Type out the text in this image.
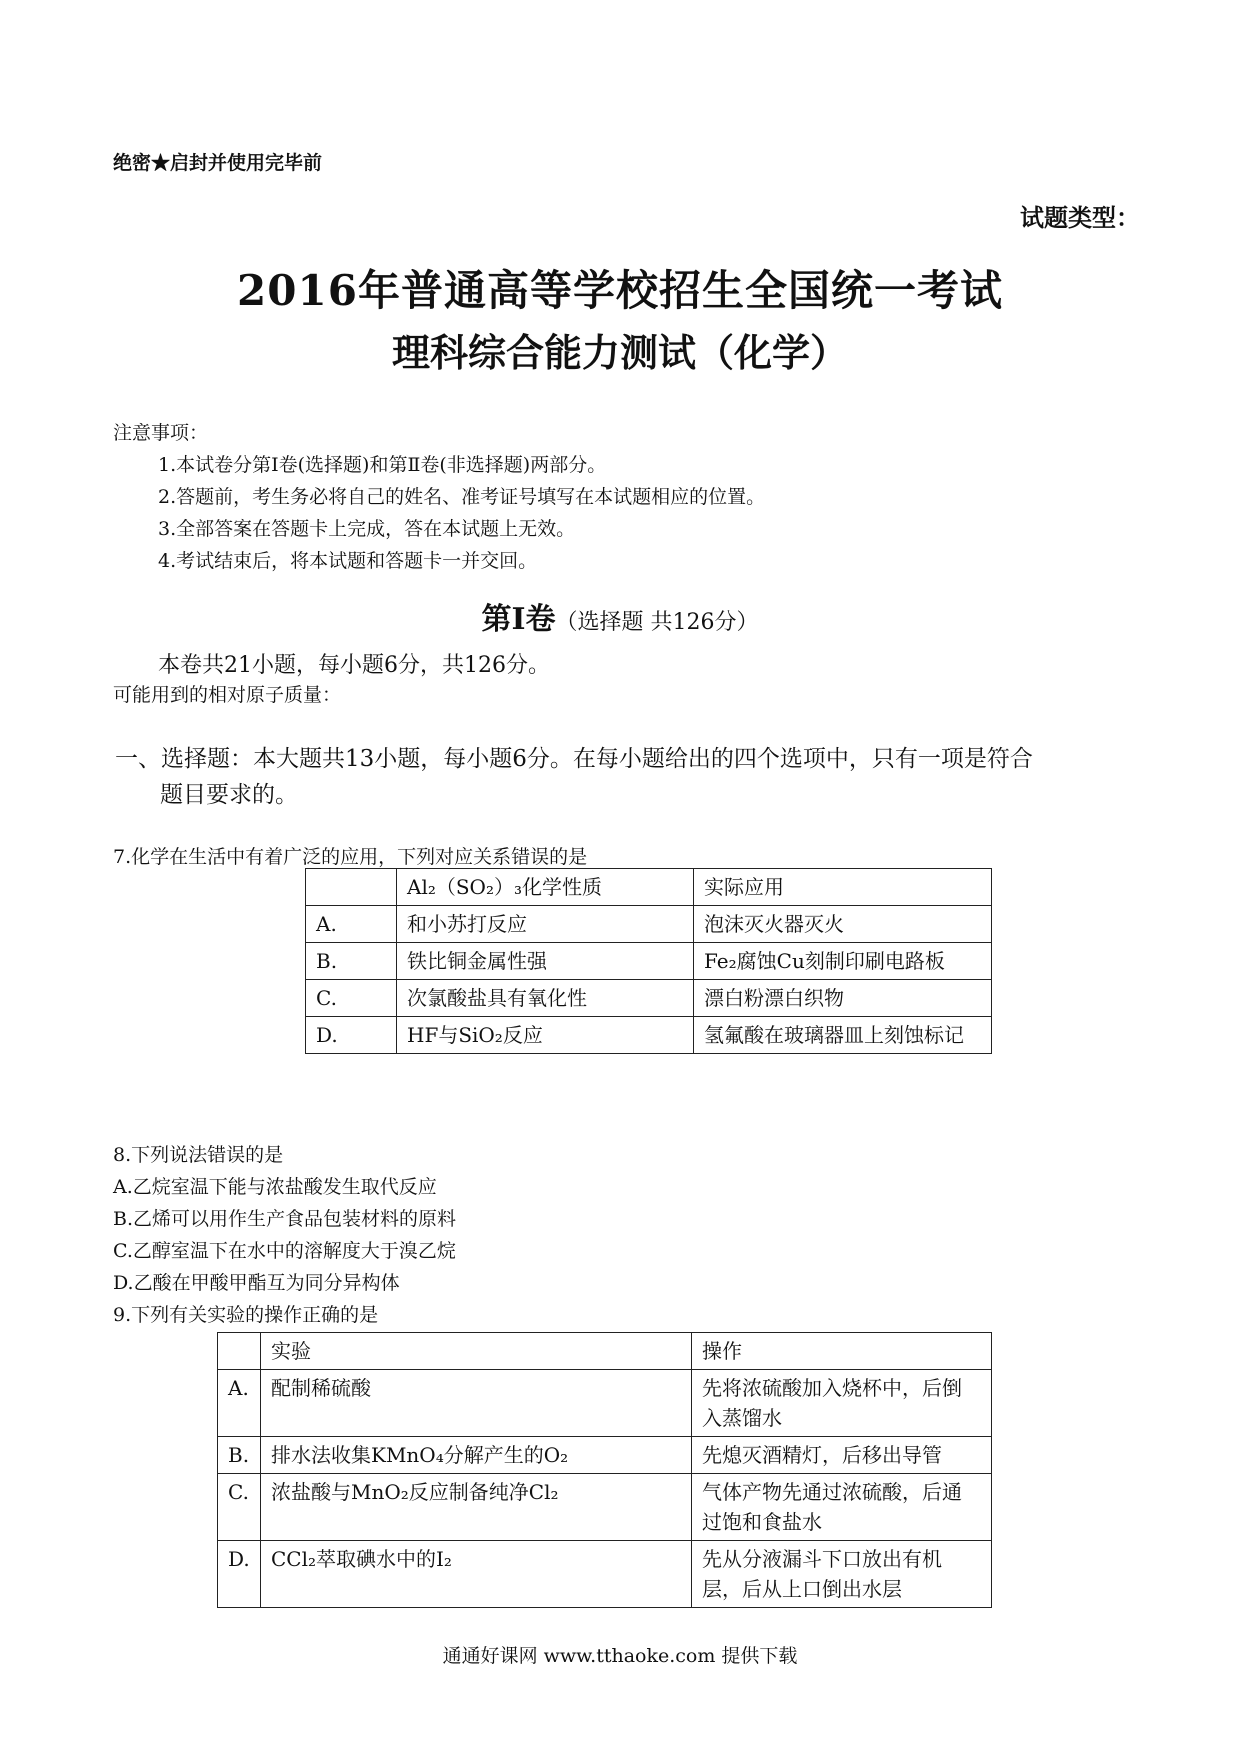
绝密★启封并使用完毕前
试题类型：
2016年普通高等学校招生全国统一考试
理科综合能力测试（化学）
注意事项：
1.本试卷分第Ⅰ卷(选择题)和第Ⅱ卷(非选择题)两部分。
2.答题前，考生务必将自己的姓名、准考证号填写在本试题相应的位置。
3.全部答案在答题卡上完成，答在本试题上无效。
4.考试结束后，将本试题和答题卡一并交回。
第Ⅰ卷（选择题 共126分）
本卷共21小题，每小题6分，共126分。
可能用到的相对原子质量：
一、选择题：本大题共13小题，每小题6分。在每小题给出的四个选项中，只有一项是符合
题目要求的。
7.化学在生活中有着广泛的应用，下列对应关系错误的是
	Al₂（SO₂）₃化学性质	实际应用
A.	和小苏打反应	泡沫灭火器灭火
B.	铁比铜金属性强	Fe₂腐蚀Cu刻制印刷电路板
C.	次氯酸盐具有氧化性	漂白粉漂白织物
D.	HF与SiO₂反应	氢氟酸在玻璃器皿上刻蚀标记
8.下列说法错误的是
A.乙烷室温下能与浓盐酸发生取代反应
B.乙烯可以用作生产食品包装材料的原料
C.乙醇室温下在水中的溶解度大于溴乙烷
D.乙酸在甲酸甲酯互为同分异构体
9.下列有关实验的操作正确的是
	实验	操作
A.	配制稀硫酸	先将浓硫酸加入烧杯中，后倒入蒸馏水
B.	排水法收集KMnO₄分解产生的O₂	先熄灭酒精灯，后移出导管
C.	浓盐酸与MnO₂反应制备纯净Cl₂	气体产物先通过浓硫酸，后通过饱和食盐水
D.	CCl₂萃取碘水中的I₂	先从分液漏斗下口放出有机层，后从上口倒出水层
通通好课网 www.tthaoke.com 提供下载
